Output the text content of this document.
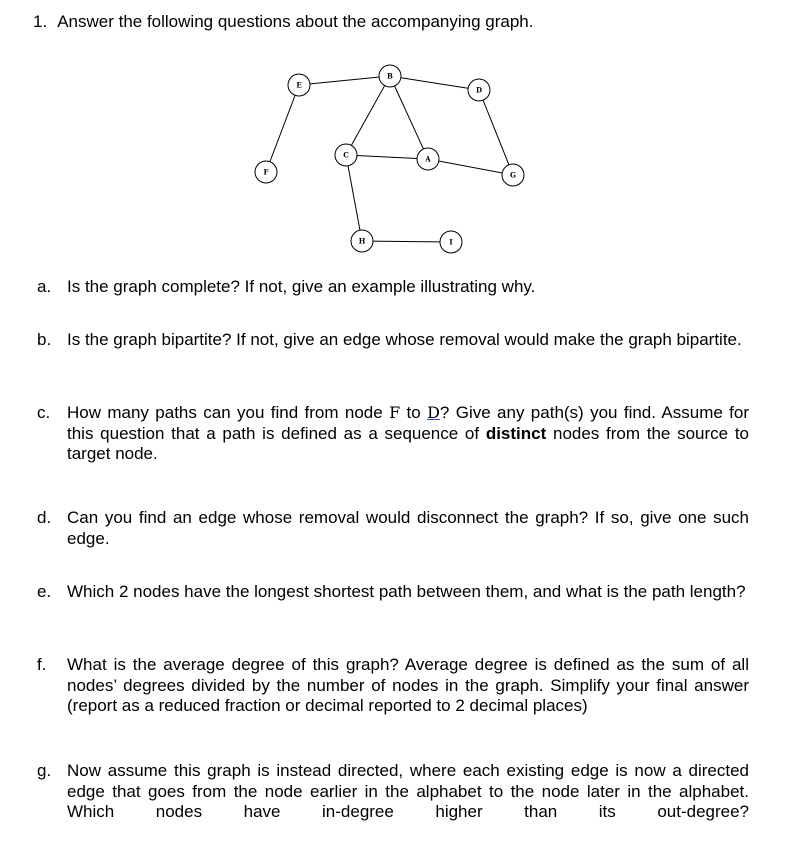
1. Answer the following questions about the accompanying graph.
E
B
D
C	A
F	G
H	I
a. Is the graph complete? If not, give an example illustrating why.
b. Is the graph bipartite? If not, give an edge whose removal would make the graph bipartite.
c. How many paths can you find from node F to D? Give any path(s) you find. Assume for this question that a path is defined as a sequence of distinct nodes from the source to target node.
d. Can you find an edge whose removal would disconnect the graph? If so, give one such edge.
e. Which 2 nodes have the longest shortest path between them, and what is the path length?
f. What is the average degree of this graph? Average degree is defined as the sum of all nodes’ degrees divided by the number of nodes in the graph. Simplify your final answer (report as a reduced fraction or decimal reported to 2 decimal places)
g. Now assume this graph is instead directed, where each existing edge is now a directed edge that goes from the node earlier in the alphabet to the node later in the alphabet. Which nodes have in-degree higher than its out-degree?
